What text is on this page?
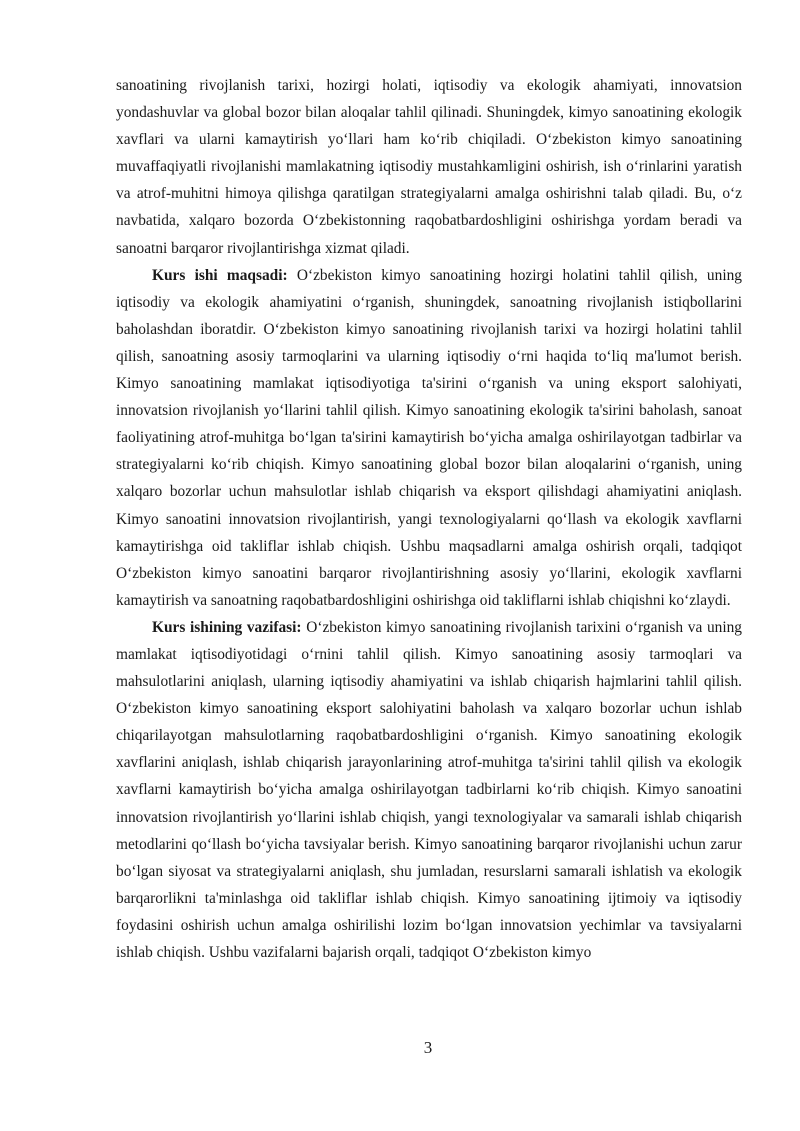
sanoatining rivojlanish tarixi, hozirgi holati, iqtisodiy va ekologik ahamiyati, innovatsion yondashuvlar va global bozor bilan aloqalar tahlil qilinadi. Shuningdek, kimyo sanoatining ekologik xavflari va ularni kamaytirish yo‘llari ham ko‘rib chiqiladi. O‘zbekiston kimyo sanoatining muvaffaqiyatli rivojlanishi mamlakatning iqtisodiy mustahkamligini oshirish, ish o‘rinlarini yaratish va atrof-muhitni himoya qilishga qaratilgan strategiyalarni amalga oshirishni talab qiladi. Bu, o‘z navbatida, xalqaro bozorda O‘zbekistonning raqobatbardoshligini oshirishga yordam beradi va sanoatni barqaror rivojlantirishga xizmat qiladi.

Kurs ishi maqsadi: O‘zbekiston kimyo sanoatining hozirgi holatini tahlil qilish, uning iqtisodiy va ekologik ahamiyatini o‘rganish, shuningdek, sanoatning rivojlanish istiqbollarini baholashdan iboratdir. O‘zbekiston kimyo sanoatining rivojlanish tarixi va hozirgi holatini tahlil qilish, sanoatning asosiy tarmoqlarini va ularning iqtisodiy o‘rni haqida to‘liq ma'lumot berish. Kimyo sanoatining mamlakat iqtisodiyotiga ta'sirini o‘rganish va uning eksport salohiyati, innovatsion rivojlanish yo‘llarini tahlil qilish. Kimyo sanoatining ekologik ta'sirini baholash, sanoat faoliyatining atrof-muhitga bo‘lgan ta'sirini kamaytirish bo‘yicha amalga oshirilayotgan tadbirlar va strategiyalarni ko‘rib chiqish. Kimyo sanoatining global bozor bilan aloqalarini o‘rganish, uning xalqaro bozorlar uchun mahsulotlar ishlab chiqarish va eksport qilishdagi ahamiyatini aniqlash. Kimyo sanoatini innovatsion rivojlantirish, yangi texnologiyalarni qo‘llash va ekologik xavflarni kamaytirishga oid takliflar ishlab chiqish. Ushbu maqsadlarni amalga oshirish orqali, tadqiqot O‘zbekiston kimyo sanoatini barqaror rivojlantirishning asosiy yo‘llarini, ekologik xavflarni kamaytirish va sanoatning raqobatbardoshligini oshirishga oid takliflarni ishlab chiqishni ko‘zlaydi.

Kurs ishining vazifasi: O‘zbekiston kimyo sanoatining rivojlanish tarixini o‘rganish va uning mamlakat iqtisodiyotidagi o‘rnini tahlil qilish. Kimyo sanoatining asosiy tarmoqlari va mahsulotlarini aniqlash, ularning iqtisodiy ahamiyatini va ishlab chiqarish hajmlarini tahlil qilish. O‘zbekiston kimyo sanoatining eksport salohiyatini baholash va xalqaro bozorlar uchun ishlab chiqarilayotgan mahsulotlarning raqobatbardoshligini o‘rganish. Kimyo sanoatining ekologik xavflarini aniqlash, ishlab chiqarish jarayonlarining atrof-muhitga ta'sirini tahlil qilish va ekologik xavflarni kamaytirish bo‘yicha amalga oshirilayotgan tadbirlarni ko‘rib chiqish. Kimyo sanoatini innovatsion rivojlantirish yo‘llarini ishlab chiqish, yangi texnologiyalar va samarali ishlab chiqarish metodlarini qo‘llash bo‘yicha tavsiyalar berish. Kimyo sanoatining barqaror rivojlanishi uchun zarur bo‘lgan siyosat va strategiyalarni aniqlash, shu jumladan, resurslarni samarali ishlatish va ekologik barqarorlikni ta'minlashga oid takliflar ishlab chiqish. Kimyo sanoatining ijtimoiy va iqtisodiy foydasini oshirish uchun amalga oshirilishi lozim bo‘lgan innovatsion yechimlar va tavsiyalarni ishlab chiqish. Ushbu vazifalarni bajarish orqali, tadqiqot O‘zbekiston kimyo

3
